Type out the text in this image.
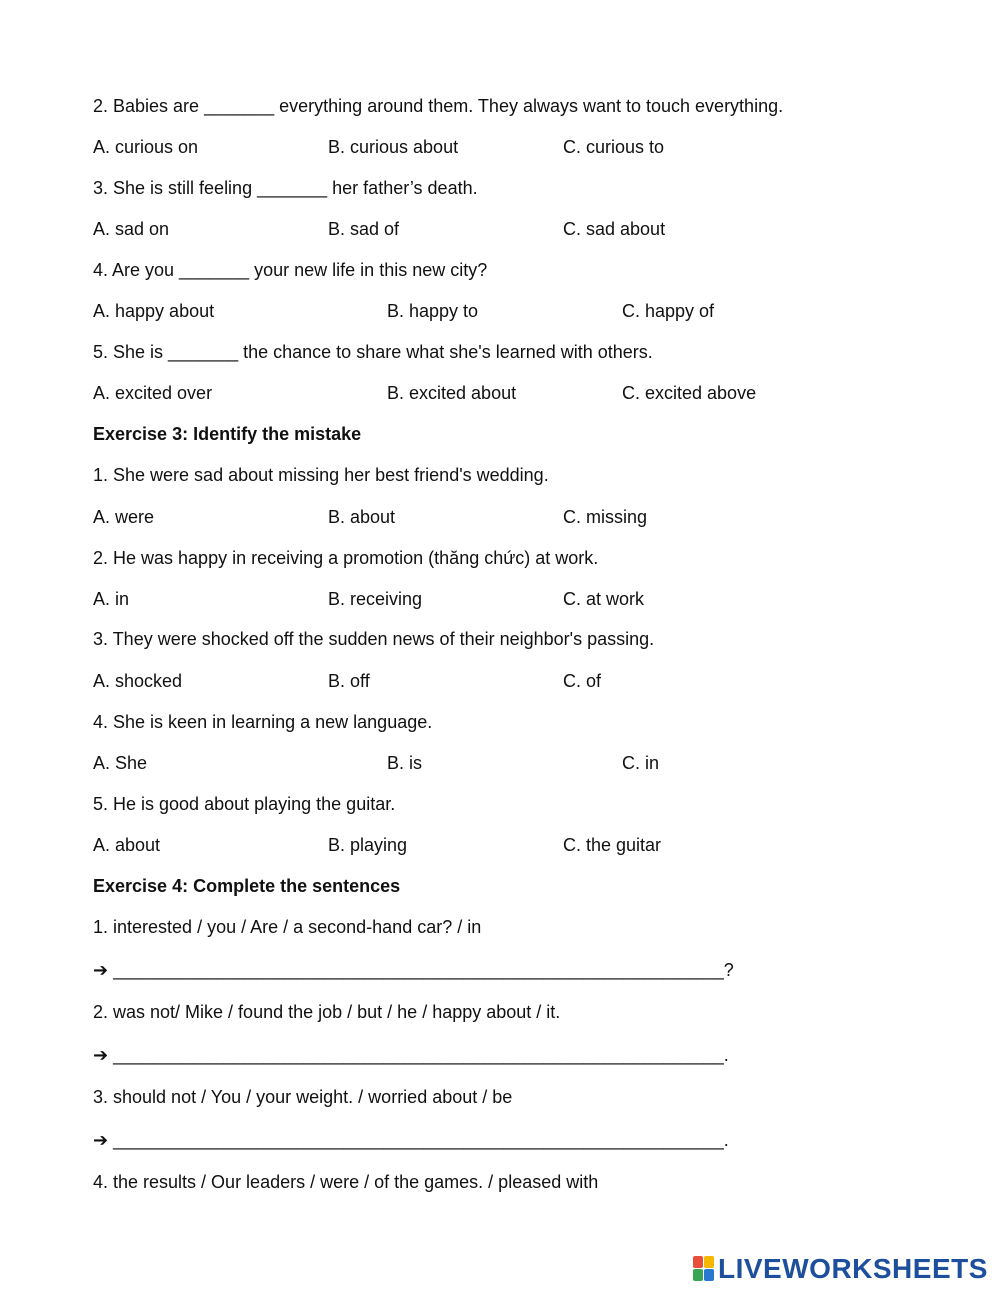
2. Babies are _______ everything around them. They always want to touch everything.
A. curious on	B. curious about	C. curious to
3. She is still feeling _______ her father’s death.
A. sad on	B. sad of	C. sad about
4. Are you _______ your new life in this new city?
A. happy about	B. happy to	C. happy of
5. She is _______ the chance to share what she's learned with others.
A. excited over	B. excited about	C. excited above
Exercise 3: Identify the mistake
1. She were sad about missing her best friend's wedding.
A. were	B. about	C. missing
2. He was happy in receiving a promotion (thăng chức) at work.
A. in	B. receiving	C. at work
3. They were shocked off the sudden news of their neighbor's passing.
A. shocked	B. off	C. of
4. She is keen in learning a new language.
A. She	B. is	C. in
5. He is good about playing the guitar.
A. about	B. playing	C. the guitar
Exercise 4: Complete the sentences
1. interested / you / Are / a second-hand car? / in
➔ _____________________________________________________________?
2. was not/ Mike / found the job / but / he / happy about / it.
➔ _____________________________________________________________.
3. should not / You / your weight. / worried about / be
➔ _____________________________________________________________.
4. the results / Our leaders / were / of the games. / pleased with
LIVEWORKSHEETS
